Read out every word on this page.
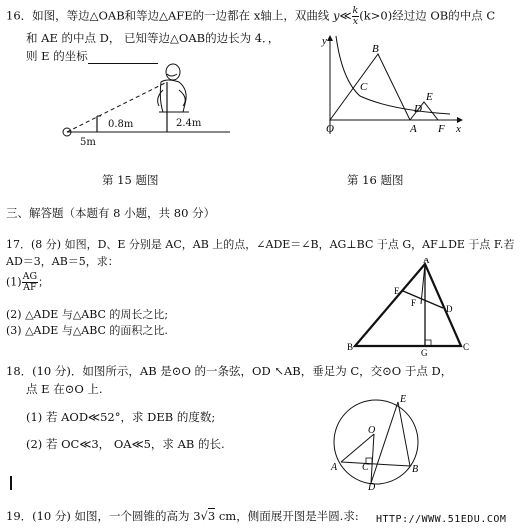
16．如图，等边△OAB和等边△AFE的一边都在 x轴上，双曲线 y≪ $\frac{k}{x} (k>0)$经过边 OB的中点 C
和 AE 的中点 D， 已知等边△OAB的边长为 4．，
则 E 的坐标
0.8m	2.4m
5m
第 15 题图
y
x
O	A F
B
C
D
E
第 16 题图
三、解答题（本题有 8 小题，共 80 分）
17．(8 分) 如图，D、E 分别是 AC，AB 上的点，∠ADE＝∠B，AG⊥BC 于点 G，AF⊥DE 于点 F.若
AD＝3，AB＝5，求：
$(1) \frac{AG}{AF}$ ；
(2) △ADE 与△ABC 的周长之比;
(3) △ADE 与△ABC 的面积之比.
A
E
F
D
B
G
C
18．(10 分)．如图所示，AB 是⊙O 的一条弦，OD ↖AB，垂足为 C，交⊙O 于点 D，
点 E 在⊙O 上.
(1) 若 AOD≪52°，求 DEB 的度数;
(2) 若 OC≪3， OA≪5，求 AB 的长.
E
O
A C	B
D
19．(10 分) 如图，一个圆锥的高为 3√3 cm，侧面展开图是半圆.求: HTTP://WWW.51EDU.COM
